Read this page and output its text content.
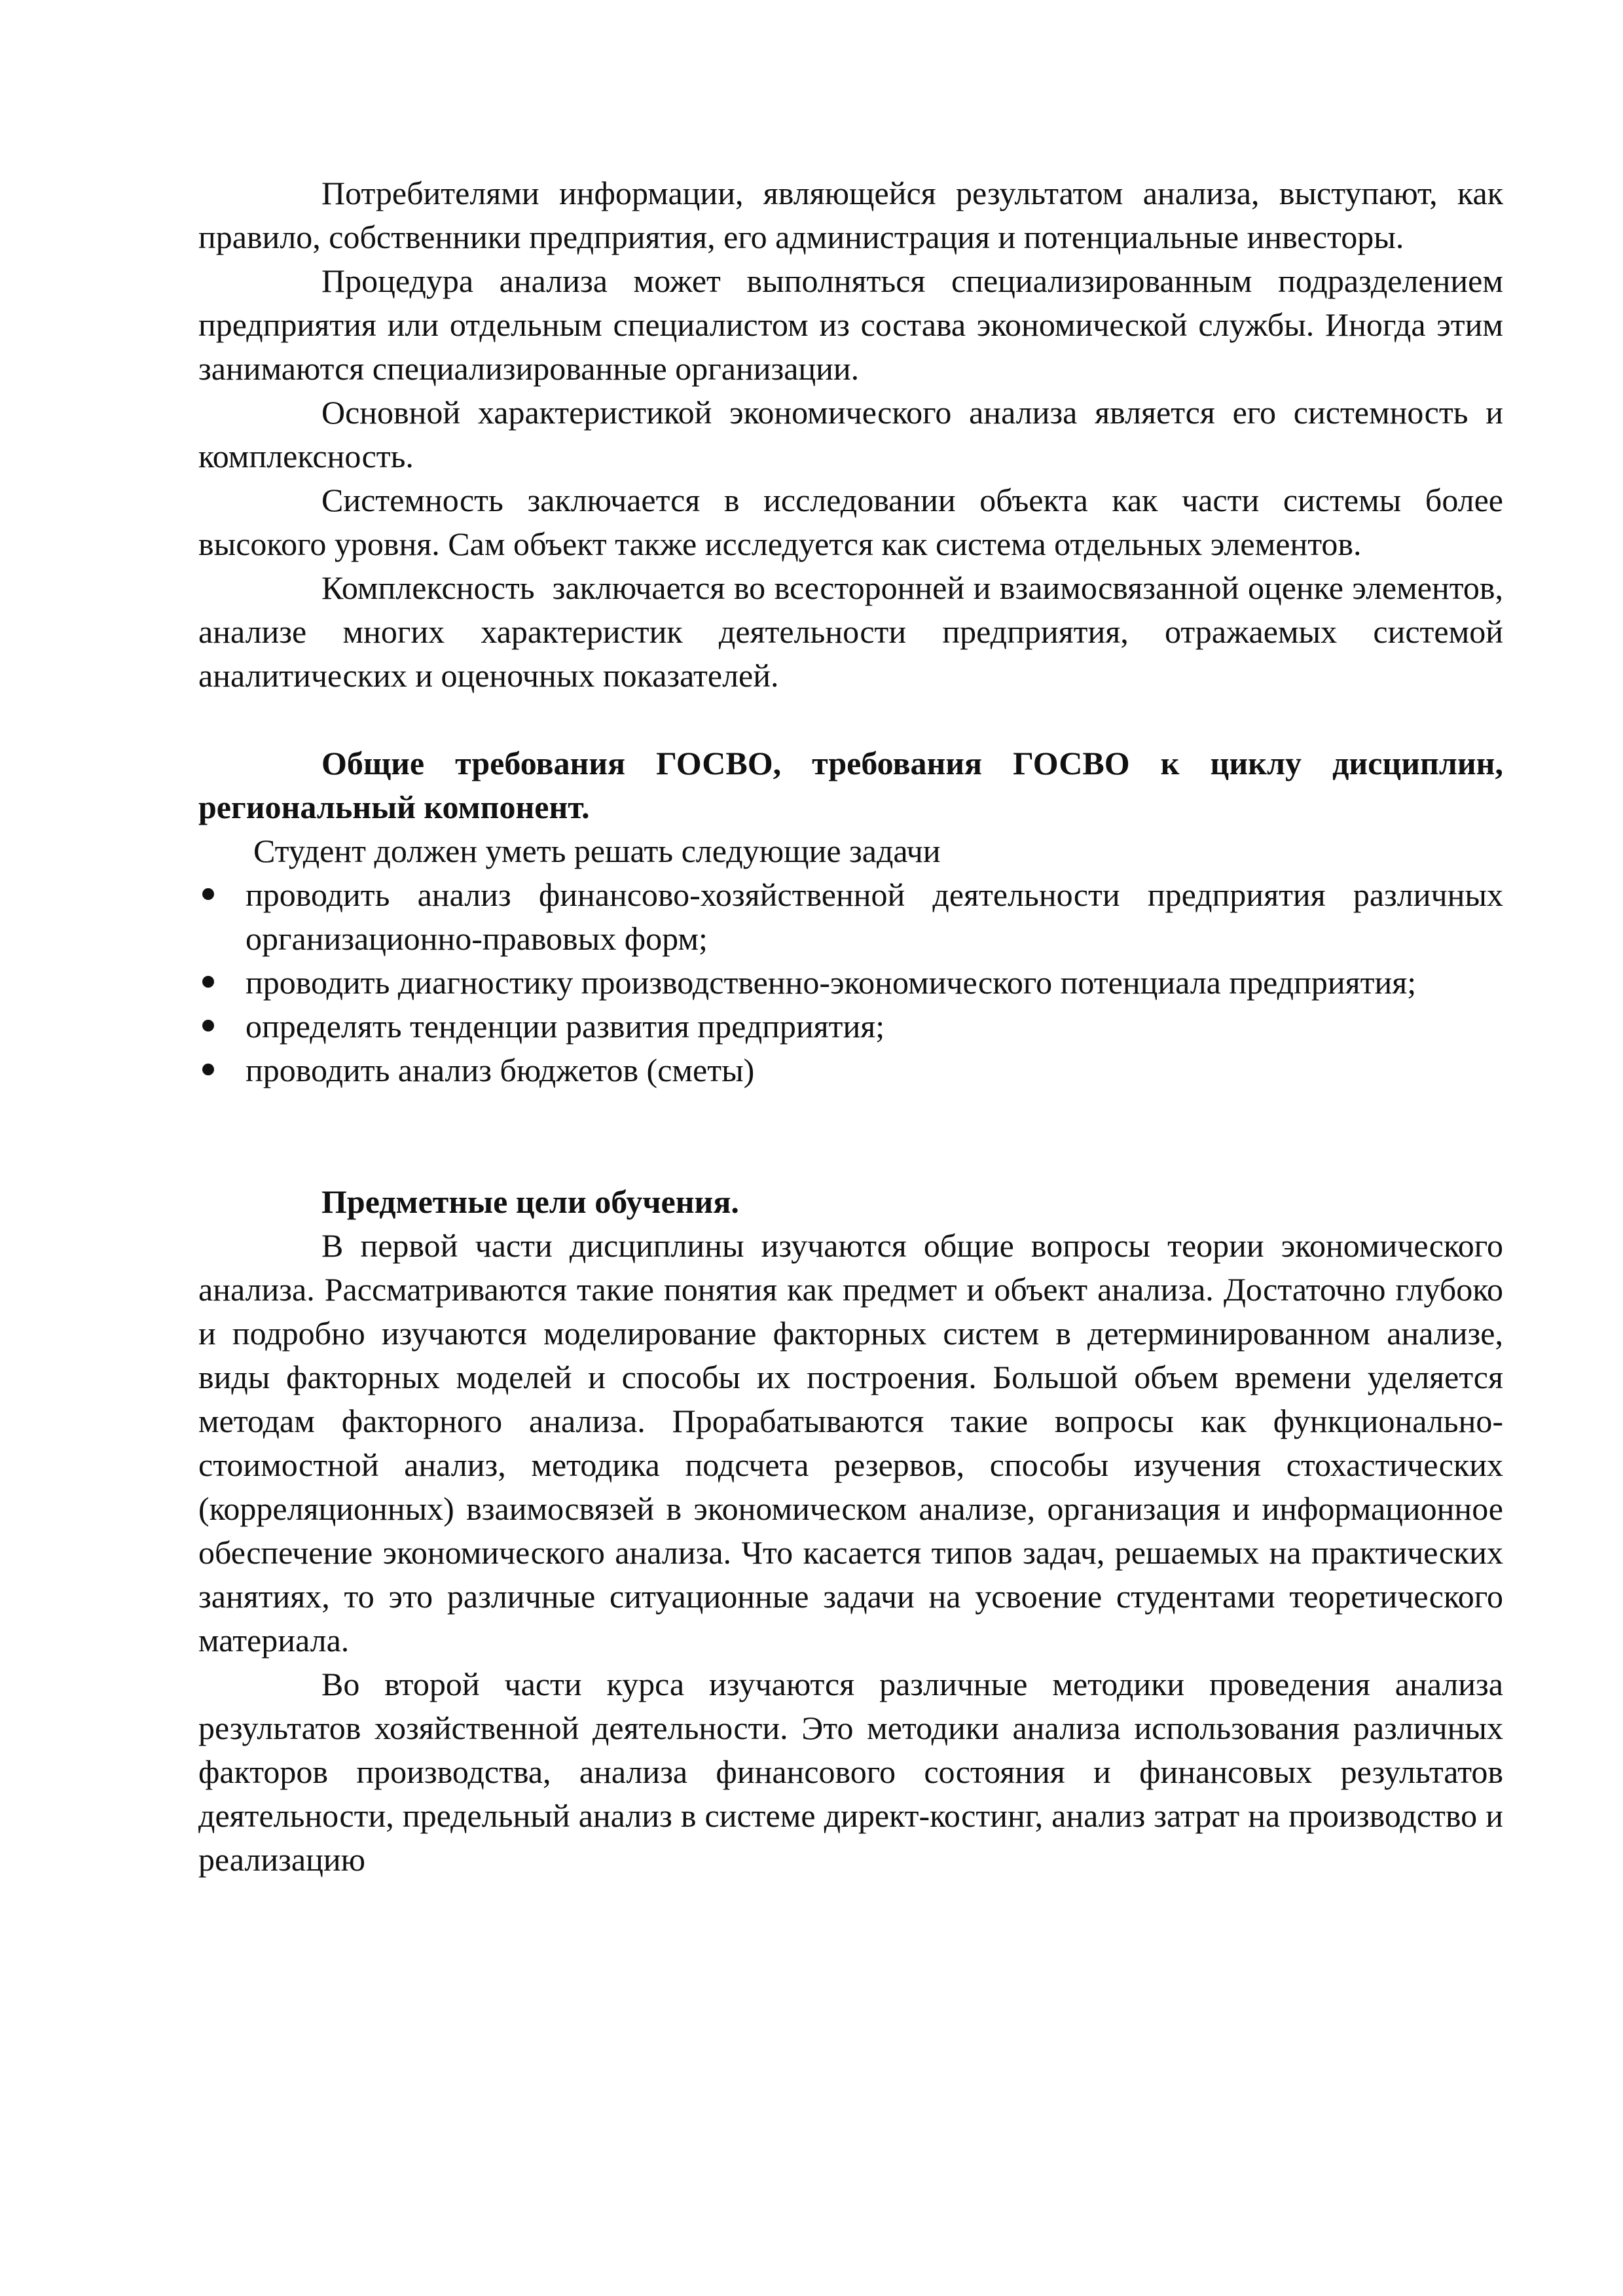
Потребителями информации, являющейся результатом анализа, выступают, как правило, собственники предприятия, его администрация и потенциальные инвесторы.

Процедура анализа может выполняться специализированным подразделением предприятия или отдельным специалистом из состава экономической службы. Иногда этим занимаются специализированные организации.

Основной характеристикой экономического анализа является его системность и комплексность.

Системность заключается в исследовании объекта как части системы более высокого уровня. Сам объект также исследуется как система отдельных элементов.

Комплексность  заключается во всесторонней и взаимосвязанной оценке элементов, анализе многих характеристик деятельности предприятия, отражаемых системой аналитических и оценочных показателей.

Общие требования ГОСВО, требования ГОСВО к циклу дисциплин, региональный компонент.

Студент должен уметь решать следующие задачи

проводить анализ финансово-хозяйственной деятельности предприятия различных организационно-правовых форм;
проводить диагностику производственно-экономического потенциала предприятия;
определять тенденции развития предприятия;
проводить анализ бюджетов (сметы)

Предметные цели обучения.

В первой части дисциплины изучаются общие вопросы теории экономического анализа. Рассматриваются такие понятия как предмет и объект анализа. Достаточно глубоко и подробно изучаются моделирование факторных систем в детерминированном анализе, виды факторных моделей и способы их построения. Большой объем времени уделяется методам факторного анализа. Прорабатываются такие вопросы как функционально-стоимостной анализ, методика подсчета резервов, способы изучения стохастических (корреляционных) взаимосвязей в экономическом анализе, организация и информационное обеспечение экономического анализа. Что касается типов задач, решаемых на практических занятиях, то это различные ситуационные задачи на усвоение студентами теоретического материала.

Во второй части курса изучаются различные методики проведения анализа результатов хозяйственной деятельности. Это методики анализа использования различных факторов производства, анализа финансового состояния и финансовых результатов деятельности, предельный анализ в системе директ-костинг, анализ затрат на производство и реализацию
